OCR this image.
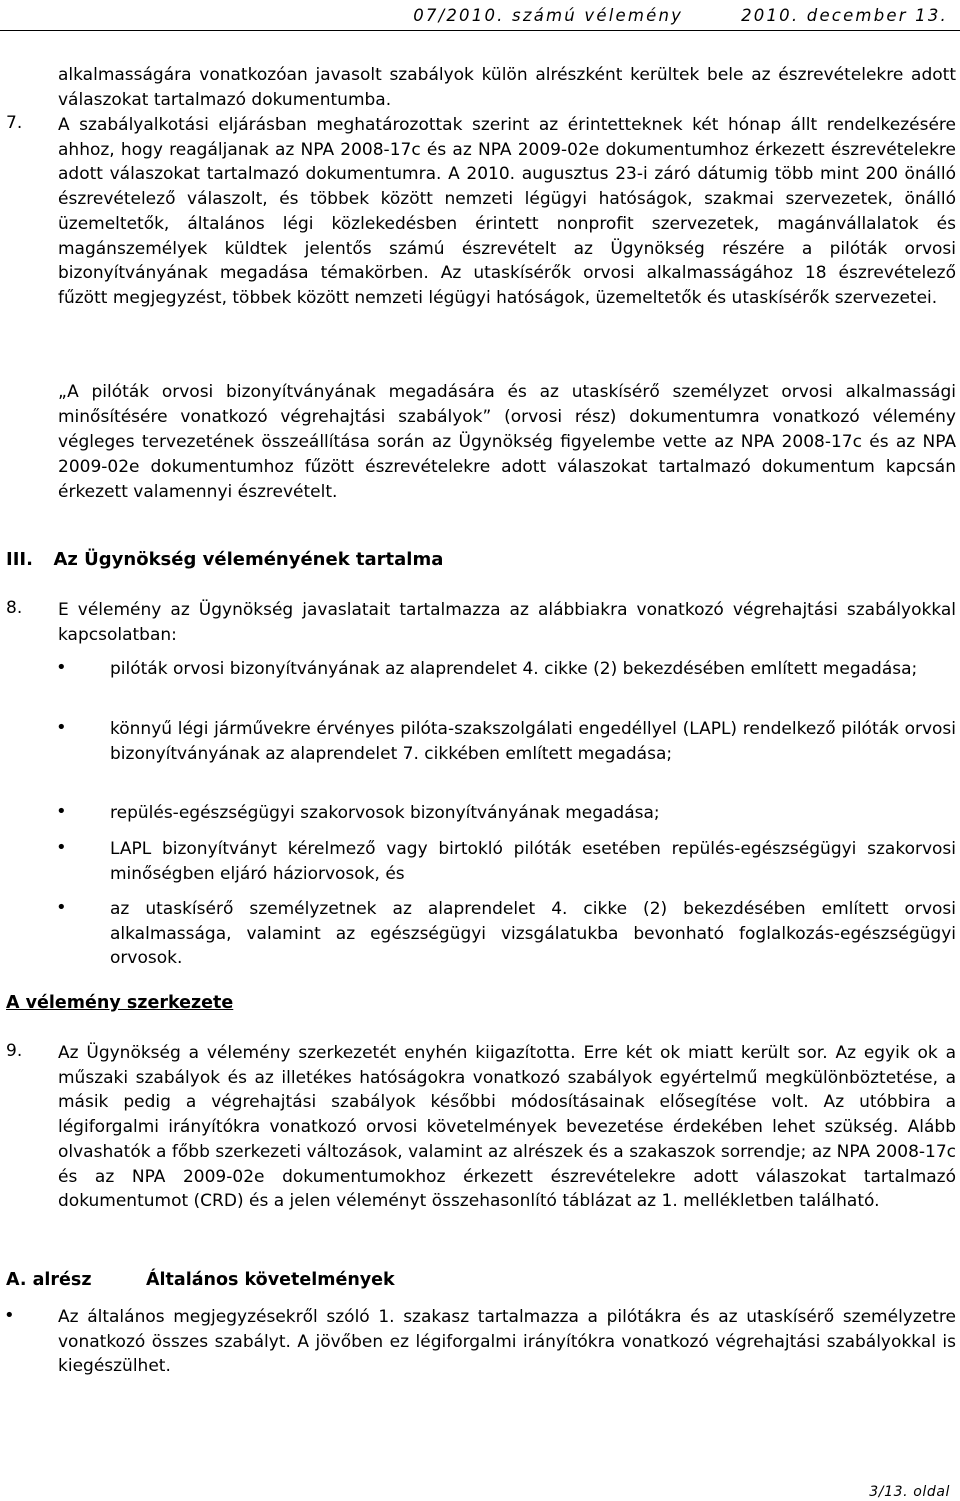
07/2010. számú vélemény	2010. december 13.
alkalmasságára vonatkozóan javasolt szabályok külön alrészként kerültek bele az észrevételekre adott válaszokat tartalmazó dokumentumba.
7. A szabályalkotási eljárásban meghatározottak szerint az érintetteknek két hónap állt rendelkezésére ahhoz, hogy reagáljanak az NPA 2008-17c és az NPA 2009-02e dokumentumhoz érkezett észrevételekre adott válaszokat tartalmazó dokumentumra. A 2010. augusztus 23-i záró dátumig több mint 200 önálló észrevételező válaszolt, és többek között nemzeti légügyi hatóságok, szakmai szervezetek, önálló üzemeltetők, általános légi közlekedésben érintett nonprofit szervezetek, magánvállalatok és magánszemélyek küldtek jelentős számú észrevételt az Ügynökség részére a pilóták orvosi bizonyítványának megadása témakörben. Az utaskísérők orvosi alkalmasságához 18 észrevételező fűzött megjegyzést, többek között nemzeti légügyi hatóságok, üzemeltetők és utaskísérők szervezetei.
„A pilóták orvosi bizonyítványának megadására és az utaskísérő személyzet orvosi alkalmassági minősítésére vonatkozó végrehajtási szabályok” (orvosi rész) dokumentumra vonatkozó vélemény végleges tervezetének összeállítása során az Ügynökség figyelembe vette az NPA 2008-17c és az NPA 2009-02e dokumentumhoz fűzött észrevételekre adott válaszokat tartalmazó dokumentum kapcsán érkezett valamennyi észrevételt.
III. Az Ügynökség véleményének tartalma
8. E vélemény az Ügynökség javaslatait tartalmazza az alábbiakra vonatkozó végrehajtási szabályokkal kapcsolatban:
•	pilóták orvosi bizonyítványának az alaprendelet 4. cikke (2) bekezdésében említett megadása;
•	könnyű légi járművekre érvényes pilóta-szakszolgálati engedéllyel (LAPL) rendelkező pilóták orvosi bizonyítványának az alaprendelet 7. cikkében említett megadása;
•	repülés-egészségügyi szakorvosok bizonyítványának megadása;
•	LAPL bizonyítványt kérelmező vagy birtokló pilóták esetében repülés-egészségügyi szakorvosi minőségben eljáró háziorvosok, és
•	az utaskísérő személyzetnek az alaprendelet 4. cikke (2) bekezdésében említett orvosi alkalmassága, valamint az egészségügyi vizsgálatukba bevonható foglalkozás-egészségügyi orvosok.
A vélemény szerkezete
9. Az Ügynökség a vélemény szerkezetét enyhén kiigazította. Erre két ok miatt került sor. Az egyik ok a műszaki szabályok és az illetékes hatóságokra vonatkozó szabályok egyértelmű megkülönböztetése, a másik pedig a végrehajtási szabályok későbbi módosításainak elősegítése volt. Az utóbbira a légiforgalmi irányítókra vonatkozó orvosi követelmények bevezetése érdekében lehet szükség. Alább olvashatók a főbb szerkezeti változások, valamint az alrészek és a szakaszok sorrendje; az NPA 2008-17c és az NPA 2009-02e dokumentumokhoz érkezett észrevételekre adott válaszokat tartalmazó dokumentumot (CRD) és a jelen véleményt összehasonlító táblázat az 1. mellékletben található.
A. alrész	Általános követelmények
•	Az általános megjegyzésekről szóló 1. szakasz tartalmazza a pilótákra és az utaskísérő személyzetre vonatkozó összes szabályt. A jövőben ez légiforgalmi irányítókra vonatkozó végrehajtási szabályokkal is kiegészülhet.
3/13. oldal
